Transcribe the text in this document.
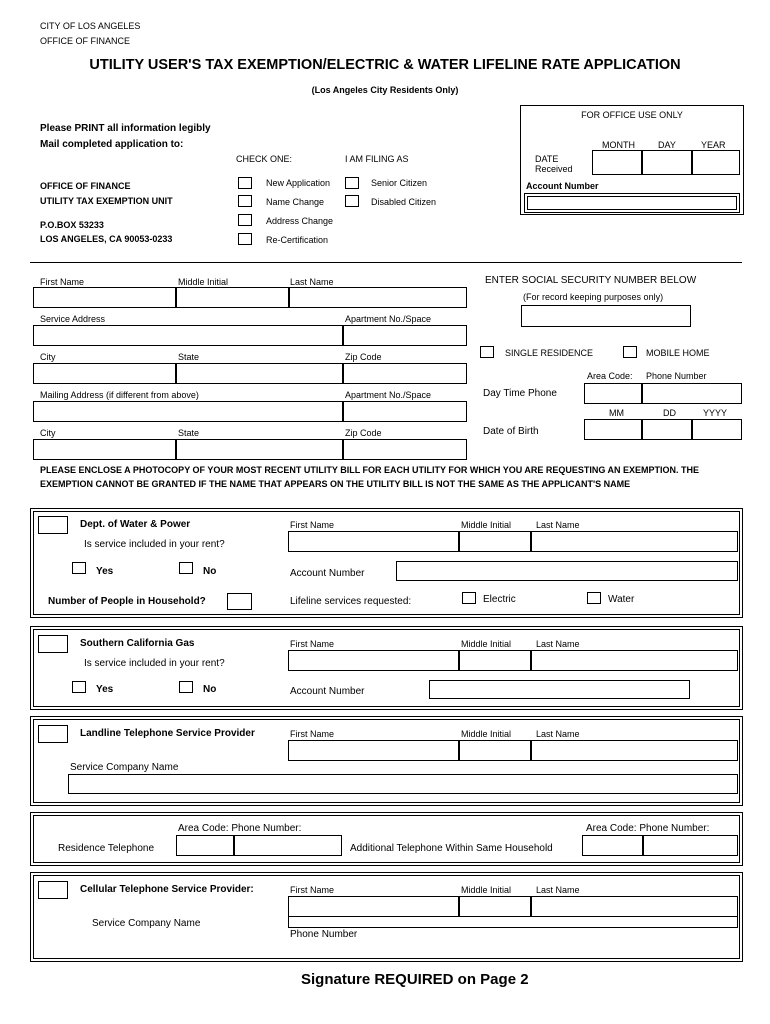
CITY OF LOS ANGELES
OFFICE OF FINANCE
UTILITY USER'S TAX EXEMPTION/ELECTRIC & WATER LIFELINE RATE APPLICATION
(Los Angeles City Residents Only)
Please PRINT all information legibly
Mail completed application to:
OFFICE OF FINANCE
UTILITY TAX EXEMPTION UNIT
P.O.BOX 53233
LOS ANGELES, CA 90053-0233
CHECK ONE:	I AM FILING AS
New Application	Senior Citizen
Name Change	Disabled Citizen
Address Change
Re-Certification
FOR OFFICE USE ONLY
MONTH	DAY	YEAR
DATE Received
Account Number
First Name	Middle Initial	Last Name
Service Address	Apartment No./Space
City	State	Zip Code
Mailing Address (if different from above)	Apartment No./Space
City	State	Zip Code
ENTER SOCIAL SECURITY NUMBER BELOW
(For record keeping purposes only)
SINGLE RESIDENCE	MOBILE HOME
Area Code: Phone Number
Day Time Phone
MM	DD	YYYY
Date of Birth
PLEASE ENCLOSE A PHOTOCOPY OF YOUR MOST RECENT UTILITY BILL FOR EACH UTILITY FOR WHICH YOU ARE REQUESTING AN EXEMPTION. THE EXEMPTION CANNOT BE GRANTED IF THE NAME THAT APPEARS ON THE UTILITY BILL IS NOT THE SAME AS THE APPLICANT'S NAME
Dept. of Water & Power
Is service included in your rent?
Yes	No
Number of People in Household?
First Name	Middle Initial	Last Name
Account Number
Lifeline services requested:	Electric	Water
Southern California Gas
Is service included in your rent?
Yes	No
First Name	Middle Initial	Last Name
Account Number
Landline Telephone Service Provider	First Name	Middle Initial	Last Name
Service Company Name
Area Code: Phone Number:
Residence Telephone	Additional Telephone Within Same Household
Area Code: Phone Number:
Cellular Telephone Service Provider:	First Name	Middle Initial	Last Name
Service Company Name
Phone Number
Signature REQUIRED on Page 2
